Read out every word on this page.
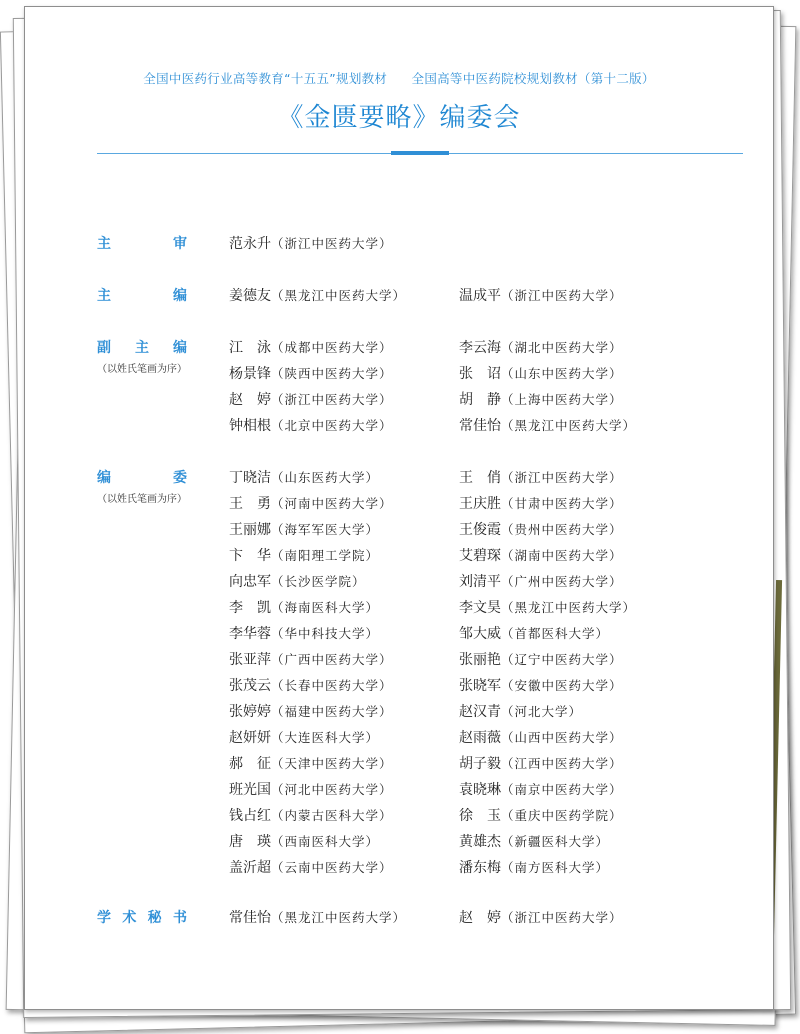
全国中医药行业高等教育“十五五”规划教材 全国高等中医药院校规划教材（第十二版）
《金匮要略》编委会
主	审	范永升（浙江中医药大学）
主	编	姜德友（黑龙江中医药大学）	温成平（浙江中医药大学）
副 主 编
（以姓氏笔画为序）
江　泳（成都中医药大学）	李云海（湖北中医药大学）
杨景锋（陕西中医药大学）	张　诏（山东中医药大学）
赵　婷（浙江中医药大学）	胡　静（上海中医药大学）
钟相根（北京中医药大学）	常佳怡（黑龙江中医药大学）
编	委
（以姓氏笔画为序）
丁晓洁（山东医药大学）	王　俏（浙江中医药大学）
王　勇（河南中医药大学）	王庆胜（甘肃中医药大学）
王丽娜（海军军医大学）	王俊霞（贵州中医药大学）
卞　华（南阳理工学院）	艾碧琛（湖南中医药大学）
向忠军（长沙医学院）	刘清平（广州中医药大学）
李　凯（海南医科大学）	李文昊（黑龙江中医药大学）
李华蓉（华中科技大学）	邹大威（首都医科大学）
张亚萍（广西中医药大学）	张丽艳（辽宁中医药大学）
张茂云（长春中医药大学）	张晓军（安徽中医药大学）
张婷婷（福建中医药大学）	赵汉青（河北大学）
赵妍妍（大连医科大学）	赵雨薇（山西中医药大学）
郝　征（天津中医药大学）	胡子毅（江西中医药大学）
班光国（河北中医药大学）	袁晓琳（南京中医药大学）
钱占红（内蒙古医科大学）	徐　玉（重庆中医药学院）
唐　瑛（西南医科大学）	黄雄杰（新疆医科大学）
盖沂超（云南中医药大学）	潘东梅（南方医科大学）
学 术 秘 书	常佳怡（黑龙江中医药大学）	赵　婷（浙江中医药大学）
